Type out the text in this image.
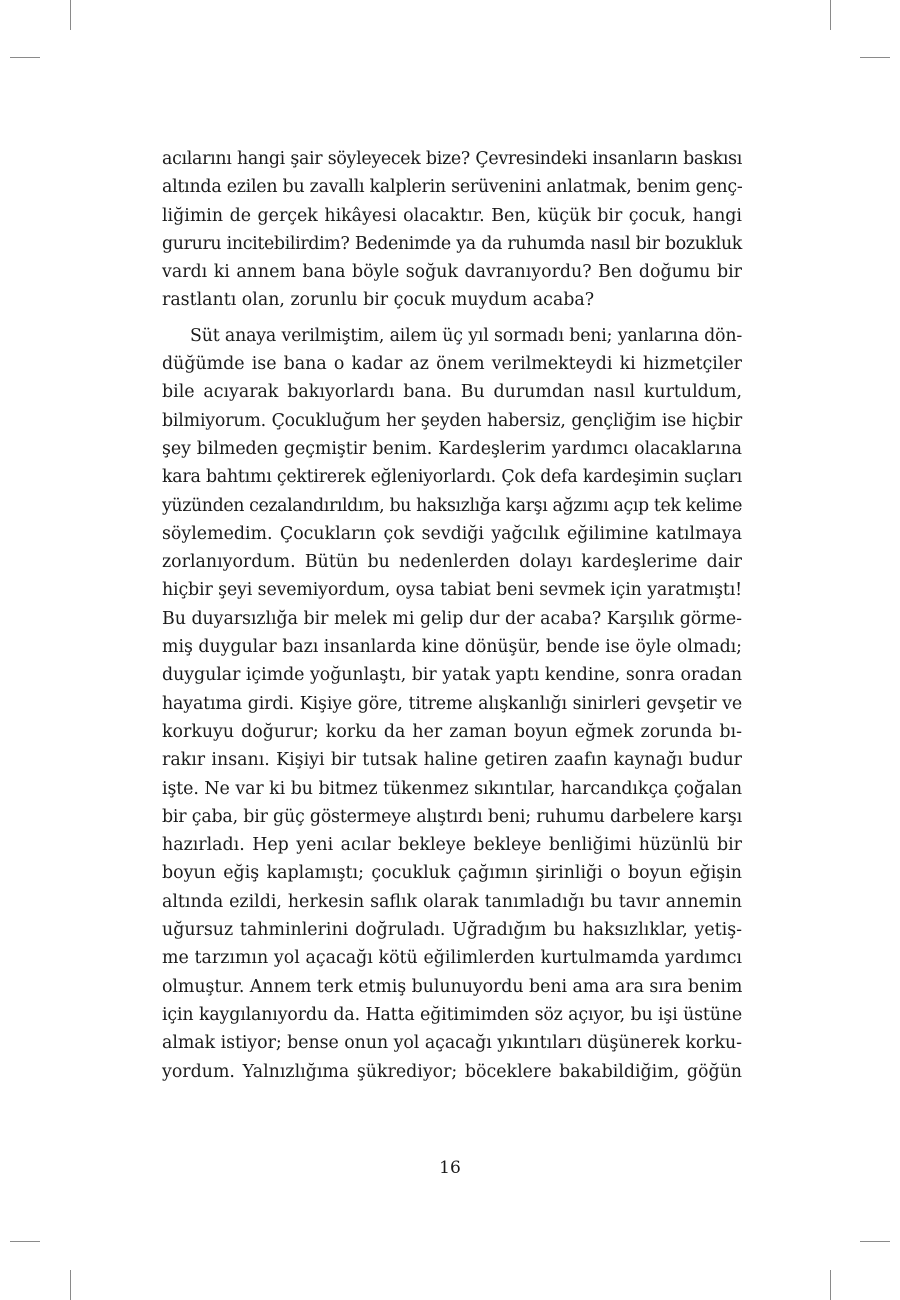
acılarını hangi şair söyleyecek bize? Çevresindeki insanların baskısı
altında ezilen bu zavallı kalplerin serüvenini anlatmak, benim genç-
liğimin de gerçek hikâyesi olacaktır. Ben, küçük bir çocuk, hangi
gururu incitebilirdim? Bedenimde ya da ruhumda nasıl bir bozukluk
vardı ki annem bana böyle soğuk davranıyordu? Ben doğumu bir
rastlantı olan, zorunlu bir çocuk muydum acaba?
Süt anaya verilmiştim, ailem üç yıl sormadı beni; yanlarına dön-
düğümde ise bana o kadar az önem verilmekteydi ki hizmetçiler
bile acıyarak bakıyorlardı bana. Bu durumdan nasıl kurtuldum,
bilmiyorum. Çocukluğum her şeyden habersiz, gençliğim ise hiçbir
şey bilmeden geçmiştir benim. Kardeşlerim yardımcı olacaklarına
kara bahtımı çektirerek eğleniyorlardı. Çok defa kardeşimin suçları
yüzünden cezalandırıldım, bu haksızlığa karşı ağzımı açıp tek kelime
söylemedim. Çocukların çok sevdiği yağcılık eğilimine katılmaya
zorlanıyordum. Bütün bu nedenlerden dolayı kardeşlerime dair
hiçbir şeyi sevemiyordum, oysa tabiat beni sevmek için yaratmıştı!
Bu duyarsızlığa bir melek mi gelip dur der acaba? Karşılık görme-
miş duygular bazı insanlarda kine dönüşür, bende ise öyle olmadı;
duygular içimde yoğunlaştı, bir yatak yaptı kendine, sonra oradan
hayatıma girdi. Kişiye göre, titreme alışkanlığı sinirleri gevşetir ve
korkuyu doğurur; korku da her zaman boyun eğmek zorunda bı-
rakır insanı. Kişiyi bir tutsak haline getiren zaafın kaynağı budur
işte. Ne var ki bu bitmez tükenmez sıkıntılar, harcandıkça çoğalan
bir çaba, bir güç göstermeye alıştırdı beni; ruhumu darbelere karşı
hazırladı. Hep yeni acılar bekleye bekleye benliğimi hüzünlü bir
boyun eğiş kaplamıştı; çocukluk çağımın şirinliği o boyun eğişin
altında ezildi, herkesin saflık olarak tanımladığı bu tavır annemin
uğursuz tahminlerini doğruladı. Uğradığım bu haksızlıklar, yetiş-
me tarzımın yol açacağı kötü eğilimlerden kurtulmamda yardımcı
olmuştur. Annem terk etmiş bulunuyordu beni ama ara sıra benim
için kaygılanıyordu da. Hatta eğitimimden söz açıyor, bu işi üstüne
almak istiyor; bense onun yol açacağı yıkıntıları düşünerek korku-
yordum. Yalnızlığıma şükrediyor; böceklere bakabildiğim, göğün
16
